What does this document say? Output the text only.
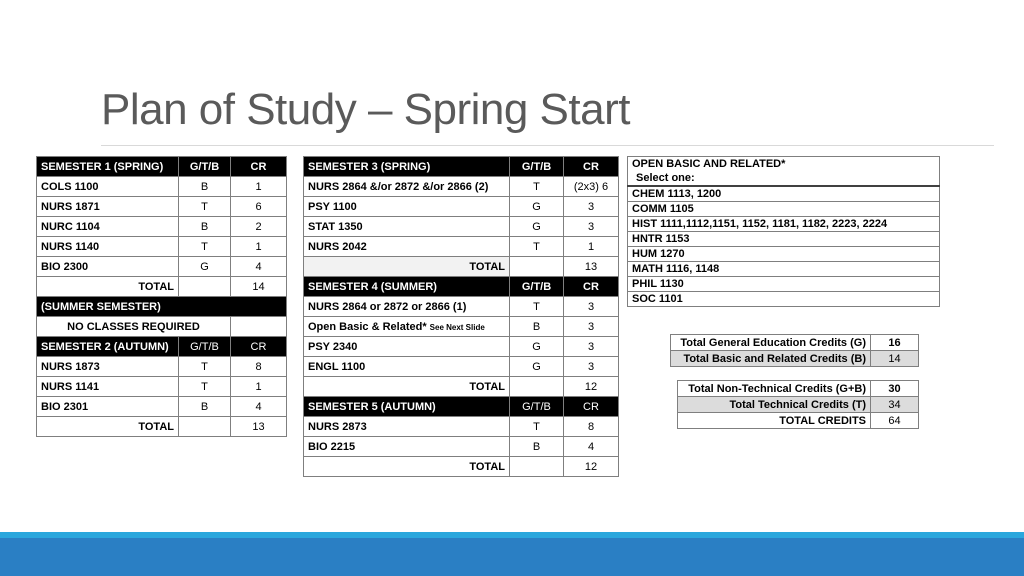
Plan of Study – Spring Start
SEMESTER 1 (SPRING)	G/T/B	CR
COLS 1100	B	1
NURS 1871	T	6
NURC 1104	B	2
NURS 1140	T	1
BIO 2300	G	4
TOTAL		14
(SUMMER SEMESTER)		
NO CLASSES REQUIRED		
SEMESTER 2 (AUTUMN)	G/T/B	CR
NURS 1873	T	8
NURS 1141	T	1
BIO 2301	B	4
TOTAL		13
SEMESTER 3 (SPRING)	G/T/B	CR
NURS 2864 &/or 2872 &/or 2866 (2)	T	(2x3) 6
PSY 1100	G	3
STAT 1350	G	3
NURS 2042	T	1
TOTAL		13
SEMESTER 4 (SUMMER)	G/T/B	CR
NURS 2864 or 2872 or 2866 (1)	T	3
Open Basic & Related* See Next Slide	B	3
PSY 2340	G	3
ENGL 1100	G	3
TOTAL		12
SEMESTER 5 (AUTUMN)	G/T/B	CR
NURS 2873	T	8
BIO 2215	B	4
TOTAL		12
OPEN BASIC AND RELATED*
Select one:
CHEM 1113, 1200
COMM 1105
HIST 1111,1112,1151, 1152, 1181, 1182, 2223, 2224
HNTR 1153
HUM 1270
MATH 1116, 1148
PHIL 1130
SOC 1101
Total General Education Credits (G)	16
Total Basic and Related Credits (B)	14
Total Non-Technical Credits (G+B)	30
Total Technical Credits (T)	34
TOTAL CREDITS	64
